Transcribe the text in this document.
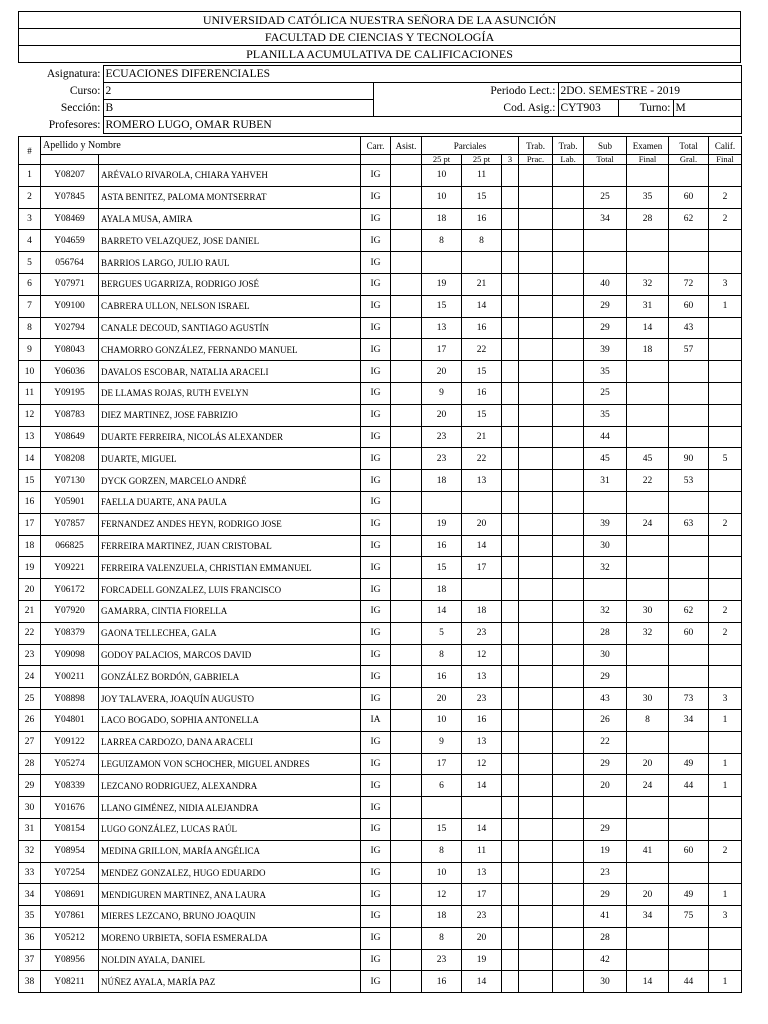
UNIVERSIDAD CATÓLICA NUESTRA SEÑORA DE LA ASUNCIÓN
FACULTAD DE CIENCIAS Y TECNOLOGÍA
PLANILLA ACUMULATIVA DE CALIFICACIONES
Asignatura:	ECUACIONES DIFERENCIALES				
Curso:	2	Periodo Lect.:	2DO. SEMESTRE - 2019		
Sección:	B	Cod. Asig.:	CYT903	Turno:	M
Profesores:	ROMERO LUGO, OMAR RUBEN				
#	Apellido y Nombre		Carr.	Asist.	Parciales			Trab.	Trab.	Sub	Examen	Total	Calif.
					25 pt	25 pt	3	Prac.	Lab.	Total	Final	Gral.	Final
1	Y08207	ARÉVALO RIVAROLA, CHIARA YAHVEH	IG		10	11							
2	Y07845	ASTA BENITEZ, PALOMA MONTSERRAT	IG		10	15				25	35	60	2
3	Y08469	AYALA MUSA, AMIRA	IG		18	16				34	28	62	2
4	Y04659	BARRETO VELAZQUEZ, JOSE DANIEL	IG		8	8							
5	056764	BARRIOS LARGO, JULIO RAUL	IG										
6	Y07971	BERGUES UGARRIZA, RODRIGO JOSÉ	IG		19	21				40	32	72	3
7	Y09100	CABRERA ULLON, NELSON ISRAEL	IG		15	14				29	31	60	1
8	Y02794	CANALE DECOUD, SANTIAGO AGUSTÍN	IG		13	16				29	14	43	
9	Y08043	CHAMORRO GONZÁLEZ, FERNANDO MANUEL	IG		17	22				39	18	57	
10	Y06036	DAVALOS ESCOBAR, NATALIA ARACELI	IG		20	15				35			
11	Y09195	DE LLAMAS ROJAS, RUTH EVELYN	IG		9	16				25			
12	Y08783	DIEZ MARTINEZ, JOSE FABRIZIO	IG		20	15				35			
13	Y08649	DUARTE FERREIRA, NICOLÁS ALEXANDER	IG		23	21				44			
14	Y08208	DUARTE, MIGUEL	IG		23	22				45	45	90	5
15	Y07130	DYCK GORZEN, MARCELO ANDRÉ	IG		18	13				31	22	53	
16	Y05901	FAELLA DUARTE, ANA PAULA	IG										
17	Y07857	FERNANDEZ ANDES HEYN, RODRIGO JOSE	IG		19	20				39	24	63	2
18	066825	FERREIRA MARTINEZ, JUAN CRISTOBAL	IG		16	14				30			
19	Y09221	FERREIRA VALENZUELA, CHRISTIAN EMMANUEL	IG		15	17				32			
20	Y06172	FORCADELL GONZALEZ, LUIS FRANCISCO	IG		18								
21	Y07920	GAMARRA, CINTIA FIORELLA	IG		14	18				32	30	62	2
22	Y08379	GAONA TELLECHEA, GALA	IG		5	23				28	32	60	2
23	Y09098	GODOY PALACIOS, MARCOS DAVID	IG		8	12				30			
24	Y00211	GONZÁLEZ BORDÓN, GABRIELA	IG		16	13				29			
25	Y08898	JOY TALAVERA, JOAQUÍN AUGUSTO	IG		20	23				43	30	73	3
26	Y04801	LACO BOGADO, SOPHIA ANTONELLA	IA		10	16				26	8	34	1
27	Y09122	LARREA CARDOZO, DANA ARACELI	IG		9	13				22			
28	Y05274	LEGUIZAMON VON SCHOCHER, MIGUEL ANDRES	IG		17	12				29	20	49	1
29	Y08339	LEZCANO RODRIGUEZ, ALEXANDRA	IG		6	14				20	24	44	1
30	Y01676	LLANO GIMÉNEZ, NIDIA ALEJANDRA	IG										
31	Y08154	LUGO GONZÁLEZ, LUCAS RAÚL	IG		15	14				29			
32	Y08954	MEDINA GRILLON, MARÍA ANGÉLICA	IG		8	11				19	41	60	2
33	Y07254	MENDEZ GONZALEZ, HUGO EDUARDO	IG		10	13				23			
34	Y08691	MENDIGUREN MARTINEZ, ANA LAURA	IG		12	17				29	20	49	1
35	Y07861	MIERES LEZCANO, BRUNO JOAQUIN	IG		18	23				41	34	75	3
36	Y05212	MORENO URBIETA, SOFIA ESMERALDA	IG		8	20				28			
37	Y08956	NOLDIN AYALA, DANIEL	IG		23	19				42			
38	Y08211	NÚÑEZ AYALA, MARÍA PAZ	IG		16	14				30	14	44	1
